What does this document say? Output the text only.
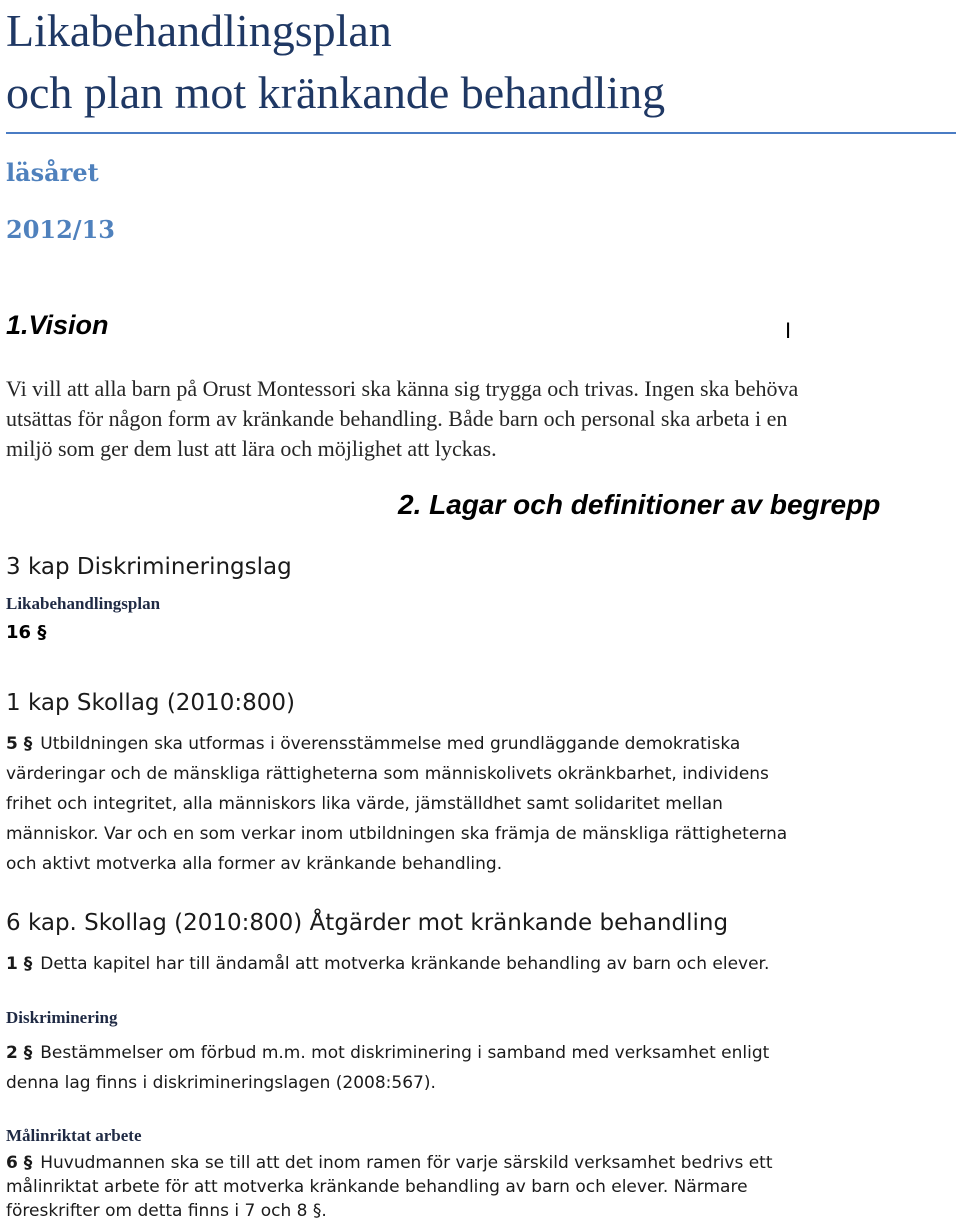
Likabehandlingsplan

och plan mot kränkande behandling

läsåret
2012/13
1.Vision	I

Vi vill att alla barn på Orust Montessori ska känna sig trygga och trivas. Ingen ska behöva

utsättas för någon form av kränkande behandling. Både barn och personal ska arbeta i en

miljö som ger dem lust att lära och möjlighet att lyckas.

2. Lagar och definitioner av begrepp
3 kap Diskrimineringslag
Likabehandlingsplan
16 §
1 kap Skollag (2010:800)

5 § Utbildningen ska utformas i överensstämmelse med grundläggande demokratiska

värderingar och de mänskliga rättigheterna som människolivets okränkbarhet, individens

frihet och integritet, alla människors lika värde, jämställdhet samt solidaritet mellan

människor. Var och en som verkar inom utbildningen ska främja de mänskliga rättigheterna

och aktivt motverka alla former av kränkande behandling.

6 kap. Skollag (2010:800) Åtgärder mot kränkande behandling

1 § Detta kapitel har till ändamål att motverka kränkande behandling av barn och elever.

Diskriminering

2 § Bestämmelser om förbud m.m. mot diskriminering i samband med verksamhet enligt

denna lag finns i diskrimineringslagen (2008:567).

Målinriktat arbete

6 § Huvudmannen ska se till att det inom ramen för varje särskild verksamhet bedrivs ett

målinriktat arbete för att motverka kränkande behandling av barn och elever. Närmare

föreskrifter om detta finns i 7 och 8 §.
